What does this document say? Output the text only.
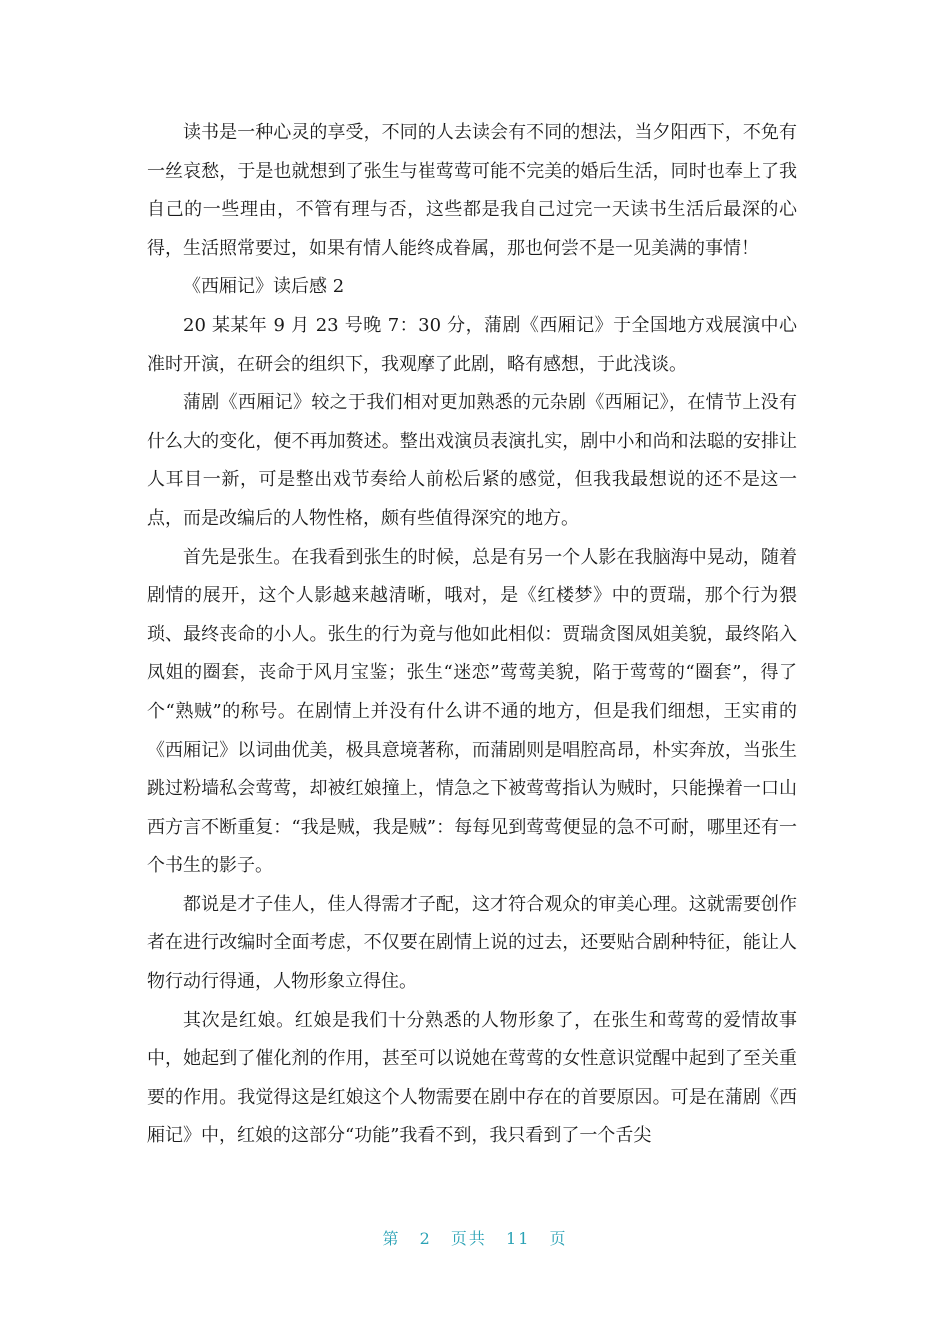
读书是一种心灵的享受，不同的人去读会有不同的想法，当夕阳西下，不免有一丝哀愁，于是也就想到了张生与崔莺莺可能不完美的婚后生活，同时也奉上了我自己的一些理由，不管有理与否，这些都是我自己过完一天读书生活后最深的心得，生活照常要过，如果有情人能终成眷属，那也何尝不是一见美满的事情！

《西厢记》读后感 2

20 某某年 9 月 23 号晚 7：30 分，蒲剧《西厢记》于全国地方戏展演中心准时开演，在研会的组织下，我观摩了此剧，略有感想，于此浅谈。

蒲剧《西厢记》较之于我们相对更加熟悉的元杂剧《西厢记》，在情节上没有什么大的变化，便不再加赘述。整出戏演员表演扎实，剧中小和尚和法聪的安排让人耳目一新，可是整出戏节奏给人前松后紧的感觉，但我我最想说的还不是这一点，而是改编后的人物性格，颇有些值得深究的地方。

首先是张生。在我看到张生的时候，总是有另一个人影在我脑海中晃动，随着剧情的展开，这个人影越来越清晰，哦对，是《红楼梦》中的贾瑞，那个行为猥琐、最终丧命的小人。张生的行为竟与他如此相似：贾瑞贪图凤姐美貌，最终陷入凤姐的圈套，丧命于风月宝鉴；张生“迷恋”莺莺美貌，陷于莺莺的“圈套”，得了个“熟贼”的称号。在剧情上并没有什么讲不通的地方，但是我们细想，王实甫的《西厢记》以词曲优美，极具意境著称，而蒲剧则是唱腔高昂，朴实奔放，当张生跳过粉墙私会莺莺，却被红娘撞上，情急之下被莺莺指认为贼时，只能操着一口山西方言不断重复：“我是贼，我是贼”：每每见到莺莺便显的急不可耐，哪里还有一个书生的影子。

都说是才子佳人，佳人得需才子配，这才符合观众的审美心理。这就需要创作者在进行改编时全面考虑，不仅要在剧情上说的过去，还要贴合剧种特征，能让人物行动行得通，人物形象立得住。

其次是红娘。红娘是我们十分熟悉的人物形象了，在张生和莺莺的爱情故事中，她起到了催化剂的作用，甚至可以说她在莺莺的女性意识觉醒中起到了至关重要的作用。我觉得这是红娘这个人物需要在剧中存在的首要原因。可是在蒲剧《西厢记》中，红娘的这部分“功能”我看不到，我只看到了一个舌尖

第 2 页共 11 页
